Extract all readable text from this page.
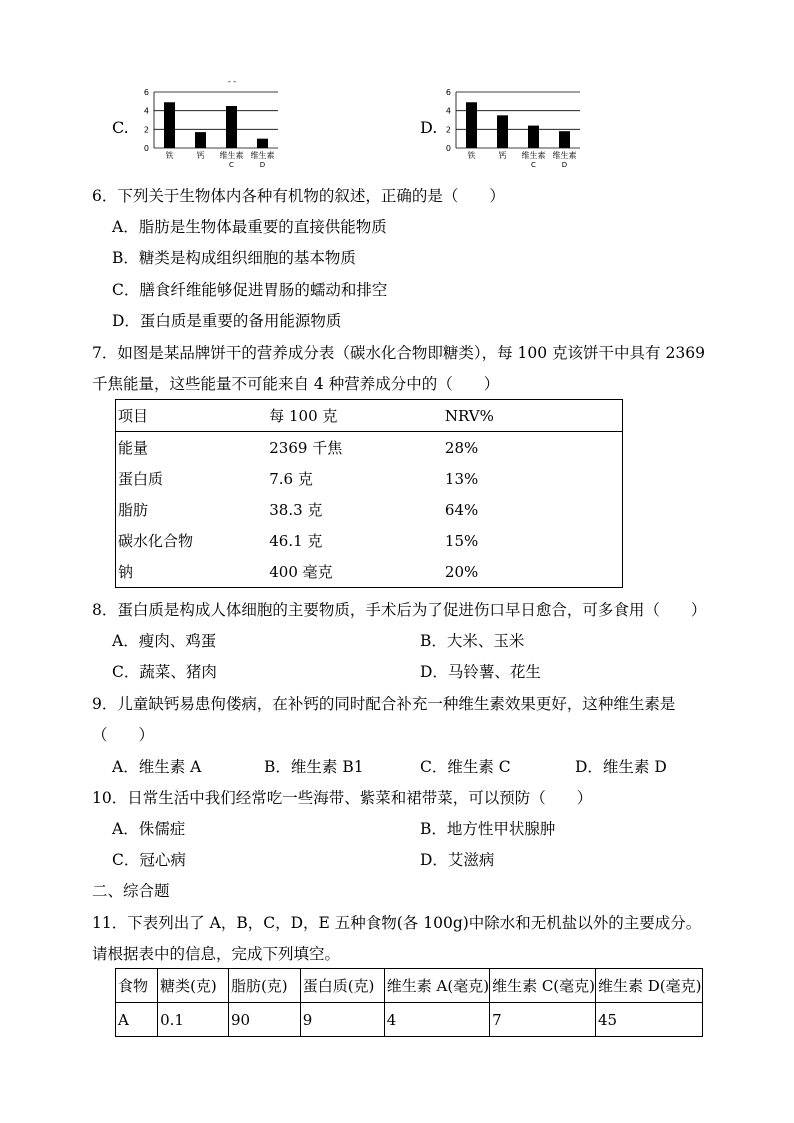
C.
0
2
4
6
铁	钙 维生素
C
维生素
D
- -
D.
0
2
4
6
铁	钙 维生素
C
维生素
D
6．下列关于生物体内各种有机物的叙述，正确的是（　　）
A．脂肪是生物体最重要的直接供能物质
B．糖类是构成组织细胞的基本物质
C．膳食纤维能够促进胃肠的蠕动和排空
D．蛋白质是重要的备用能源物质
7．如图是某品牌饼干的营养成分表（碳水化合物即糖类），每 100 克该饼干中具有 2369
千焦能量，这些能量不可能来自 4 种营养成分中的（　　）
项目	每 100 克	NRV%

能量	2369 千焦	28%
蛋白质	7.6 克	13%
脂肪	38.3 克	64%
碳水化合物	46.1 克	15%
钠	400 毫克	20%
8．蛋白质是构成人体细胞的主要物质，手术后为了促进伤口早日愈合，可多食用（　　）
A．瘦肉、鸡蛋	B．大米、玉米
C．蔬菜、猪肉	D．马铃薯、花生
9．儿童缺钙易患佝偻病，在补钙的同时配合补充一种维生素效果更好，这种维生素是
（　　）
A．维生素 A	B．维生素 B1	C．维生素 C	D．维生素 D
10．日常生活中我们经常吃一些海带、紫菜和裙带菜，可以预防（　　）
A．侏儒症	B．地方性甲状腺肿
C．冠心病	D．艾滋病
二、综合题
11．下表列出了 A，B，C，D，E 五种食物(各 100g)中除水和无机盐以外的主要成分。
请根据表中的信息，完成下列填空。
食物	糖类(克)	脂肪(克)	蛋白质(克)	维生素 A(毫克)	维生素 C(毫克)	维生素 D(毫克)
A	0.1	90	9	4	7	45
